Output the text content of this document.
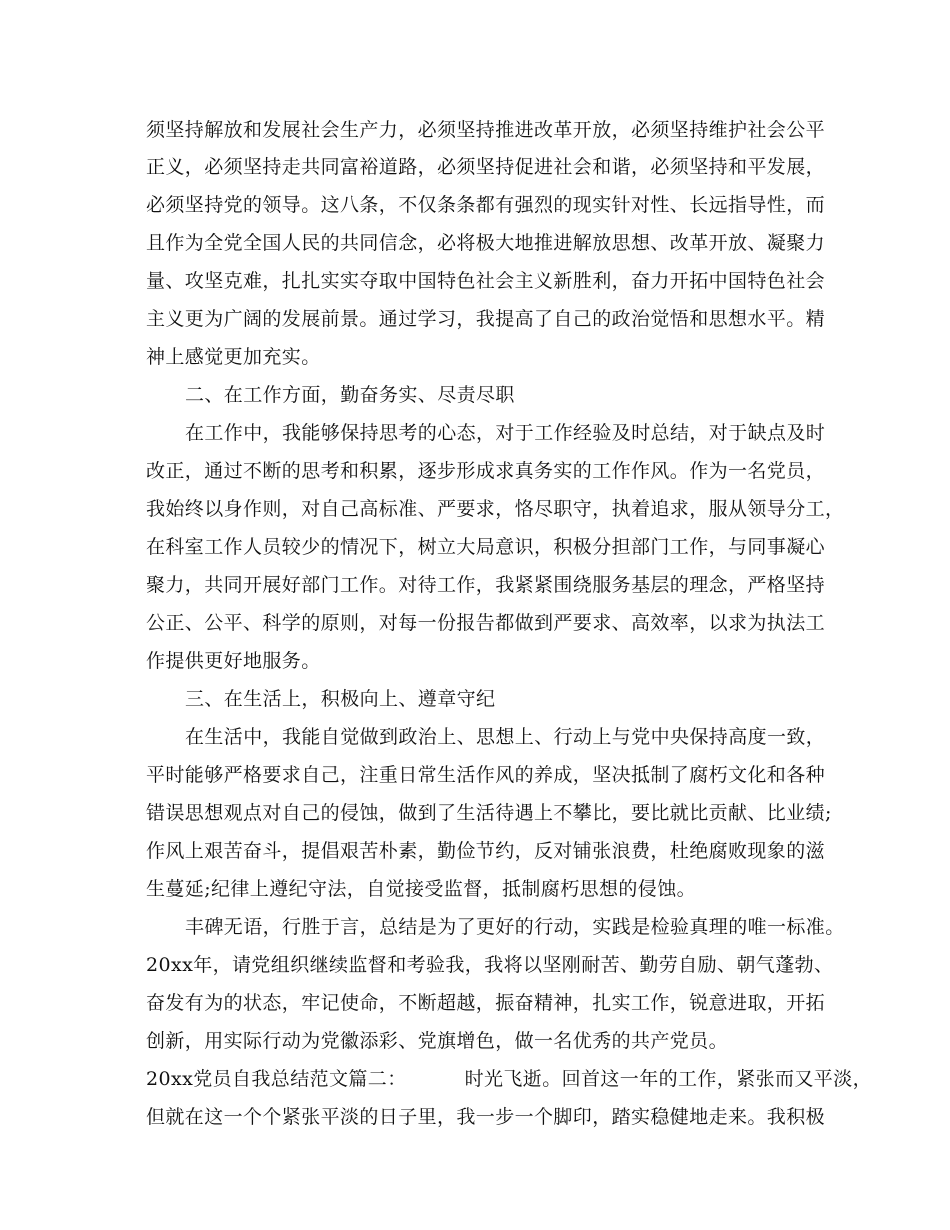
须坚持解放和发展社会生产力，必须坚持推进改革开放，必须坚持维护社会公平
正义，必须坚持走共同富裕道路，必须坚持促进社会和谐，必须坚持和平发展，
必须坚持党的领导。这八条，不仅条条都有强烈的现实针对性、长远指导性，而
且作为全党全国人民的共同信念，必将极大地推进解放思想、改革开放、凝聚力
量、攻坚克难，扎扎实实夺取中国特色社会主义新胜利，奋力开拓中国特色社会
主义更为广阔的发展前景。通过学习，我提高了自己的政治觉悟和思想水平。精
神上感觉更加充实。
二、在工作方面，勤奋务实、尽责尽职
在工作中，我能够保持思考的心态，对于工作经验及时总结，对于缺点及时
改正，通过不断的思考和积累，逐步形成求真务实的工作作风。作为一名党员，
我始终以身作则，对自己高标准、严要求，恪尽职守，执着追求，服从领导分工，
在科室工作人员较少的情况下，树立大局意识，积极分担部门工作，与同事凝心
聚力，共同开展好部门工作。对待工作，我紧紧围绕服务基层的理念，严格坚持
公正、公平、科学的原则，对每一份报告都做到严要求、高效率，以求为执法工
作提供更好地服务。
三、在生活上，积极向上、遵章守纪
在生活中，我能自觉做到政治上、思想上、行动上与党中央保持高度一致，
平时能够严格要求自己，注重日常生活作风的养成，坚决抵制了腐朽文化和各种
错误思想观点对自己的侵蚀，做到了生活待遇上不攀比，要比就比贡献、比业绩;
作风上艰苦奋斗，提倡艰苦朴素，勤俭节约，反对铺张浪费，杜绝腐败现象的滋
生蔓延;纪律上遵纪守法，自觉接受监督，抵制腐朽思想的侵蚀。
丰碑无语，行胜于言，总结是为了更好的行动，实践是检验真理的唯一标准。
20xx年，请党组织继续监督和考验我，我将以坚刚耐苦、勤劳自励、朝气蓬勃、
奋发有为的状态，牢记使命，不断超越，振奋精神，扎实工作，锐意进取，开拓
创新，用实际行动为党徽添彩、党旗增色，做一名优秀的共产党员。
20xx党员自我总结范文篇二：	时光飞逝。回首这一年的工作，紧张而又平淡，
但就在这一个个紧张平淡的日子里，我一步一个脚印，踏实稳健地走来。我积极
